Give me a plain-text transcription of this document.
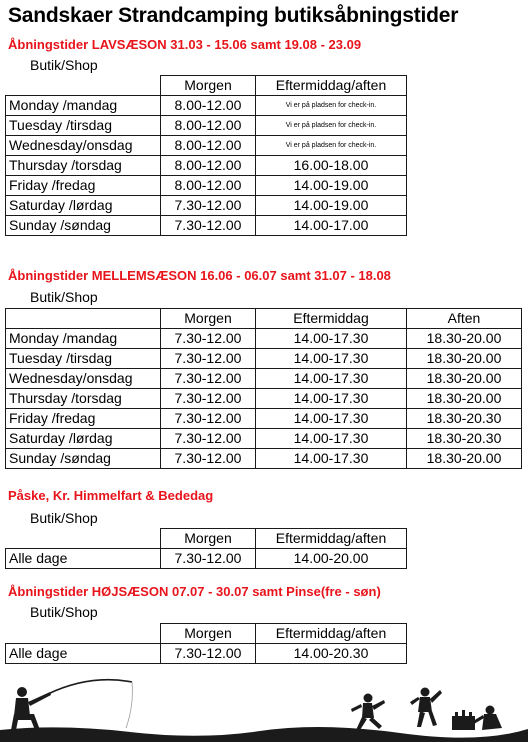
Sandskaer Strandcamping butiksåbningstider
Åbningstider LAVSÆSON 31.03 - 15.06 samt 19.08 - 23.09
Butik/Shop
	Morgen	Eftermiddag/aften
Monday /mandag	8.00-12.00	Vi er på pladsen for check-in.
Tuesday /tirsdag	8.00-12.00	Vi er på pladsen for check-in.
Wednesday/onsdag	8.00-12.00	Vi er på pladsen for check-in.
Thursday /torsdag	8.00-12.00	16.00-18.00
Friday /fredag	8.00-12.00	14.00-19.00
Saturday /lørdag	7.30-12.00	14.00-19.00
Sunday /søndag	7.30-12.00	14.00-17.00
Åbningstider MELLEMSÆSON 16.06 - 06.07 samt 31.07 - 18.08
Butik/Shop
	Morgen	Eftermiddag	Aften
Monday /mandag	7.30-12.00	14.00-17.30	18.30-20.00
Tuesday /tirsdag	7.30-12.00	14.00-17.30	18.30-20.00
Wednesday/onsdag	7.30-12.00	14.00-17.30	18.30-20.00
Thursday /torsdag	7.30-12.00	14.00-17.30	18.30-20.00
Friday /fredag	7.30-12.00	14.00-17.30	18.30-20.30
Saturday /lørdag	7.30-12.00	14.00-17.30	18.30-20.30
Sunday /søndag	7.30-12.00	14.00-17.30	18.30-20.00
Påske, Kr. Himmelfart & Bededag
Butik/Shop
	Morgen	Eftermiddag/aften
Alle dage	7.30-12.00	14.00-20.00
Åbningstider HØJSÆSON 07.07 - 30.07 samt Pinse(fre - søn)
Butik/Shop
	Morgen	Eftermiddag/aften
Alle dage	7.30-12.00	14.00-20.30
